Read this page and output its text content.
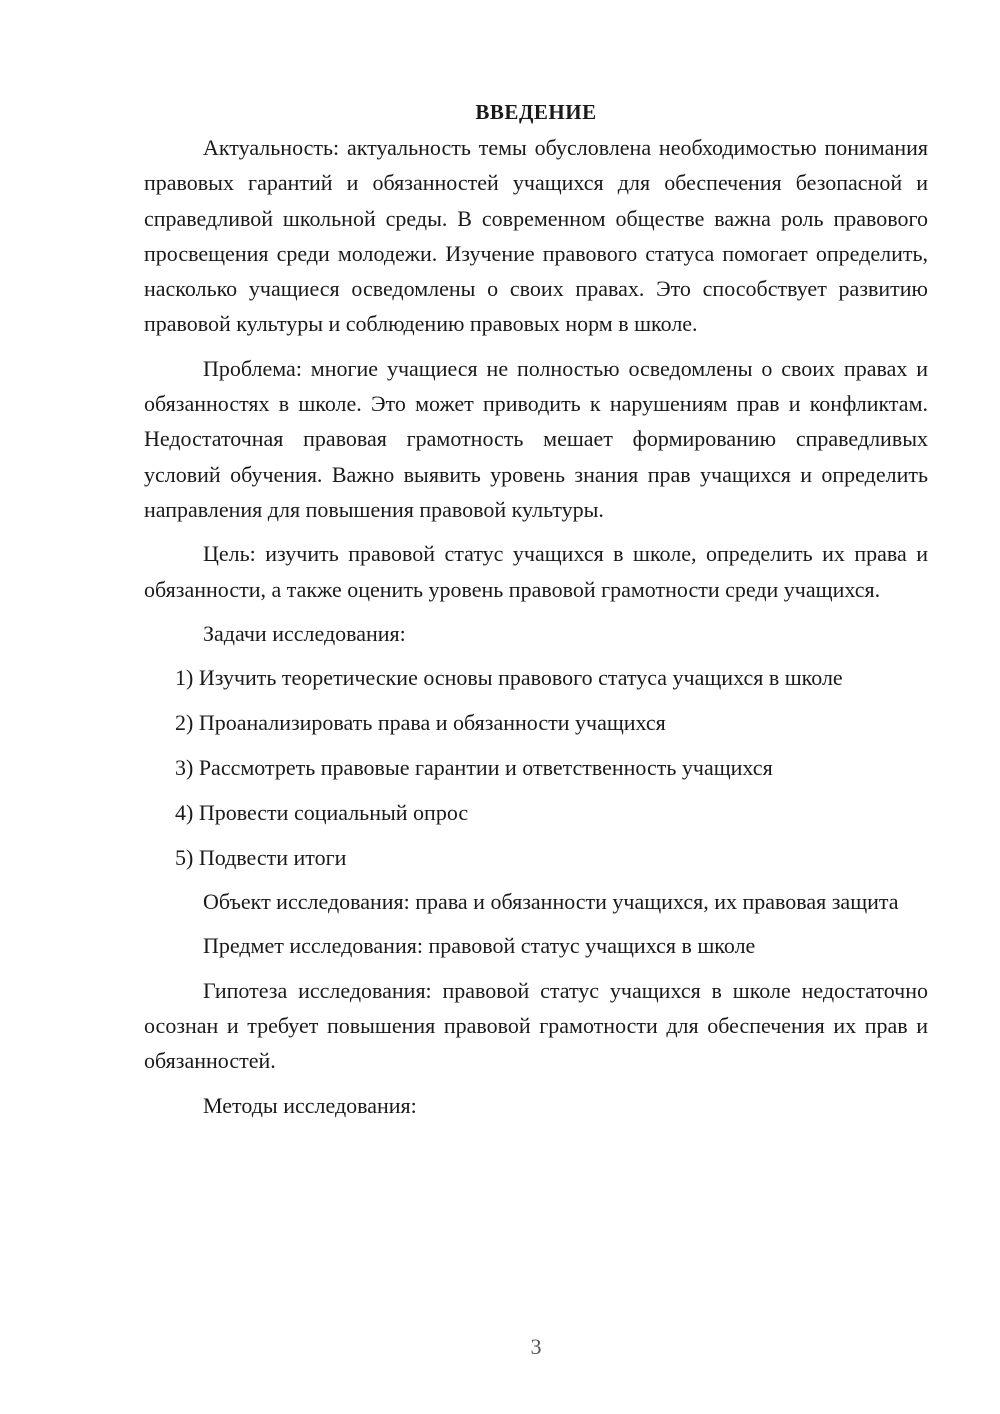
ВВЕДЕНИЕ

Актуальность: актуальность темы обусловлена необходимостью понимания правовых гарантий и обязанностей учащихся для обеспечения безопасной и справедливой школьной среды. В современном обществе важна роль правового просвещения среди молодежи. Изучение правового статуса помогает определить, насколько учащиеся осведомлены о своих правах. Это способствует развитию правовой культуры и соблюдению правовых норм в школе.

Проблема: многие учащиеся не полностью осведомлены о своих правах и обязанностях в школе. Это может приводить к нарушениям прав и конфликтам. Недостаточная правовая грамотность мешает формированию справедливых условий обучения. Важно выявить уровень знания прав учащихся и определить направления для повышения правовой культуры.

Цель: изучить правовой статус учащихся в школе, определить их права и обязанности, а также оценить уровень правовой грамотности среди учащихся.

Задачи исследования:

1) Изучить теоретические основы правового статуса учащихся в школе
2) Проанализировать права и обязанности учащихся
3) Рассмотреть правовые гарантии и ответственность учащихся
4) Провести социальный опрос
5) Подвести итоги

Объект исследования: права и обязанности учащихся, их правовая защита

Предмет исследования: правовой статус учащихся в школе

Гипотеза исследования: правовой статус учащихся в школе недостаточно осознан и требует повышения правовой грамотности для обеспечения их прав и обязанностей.

Методы исследования:

3
